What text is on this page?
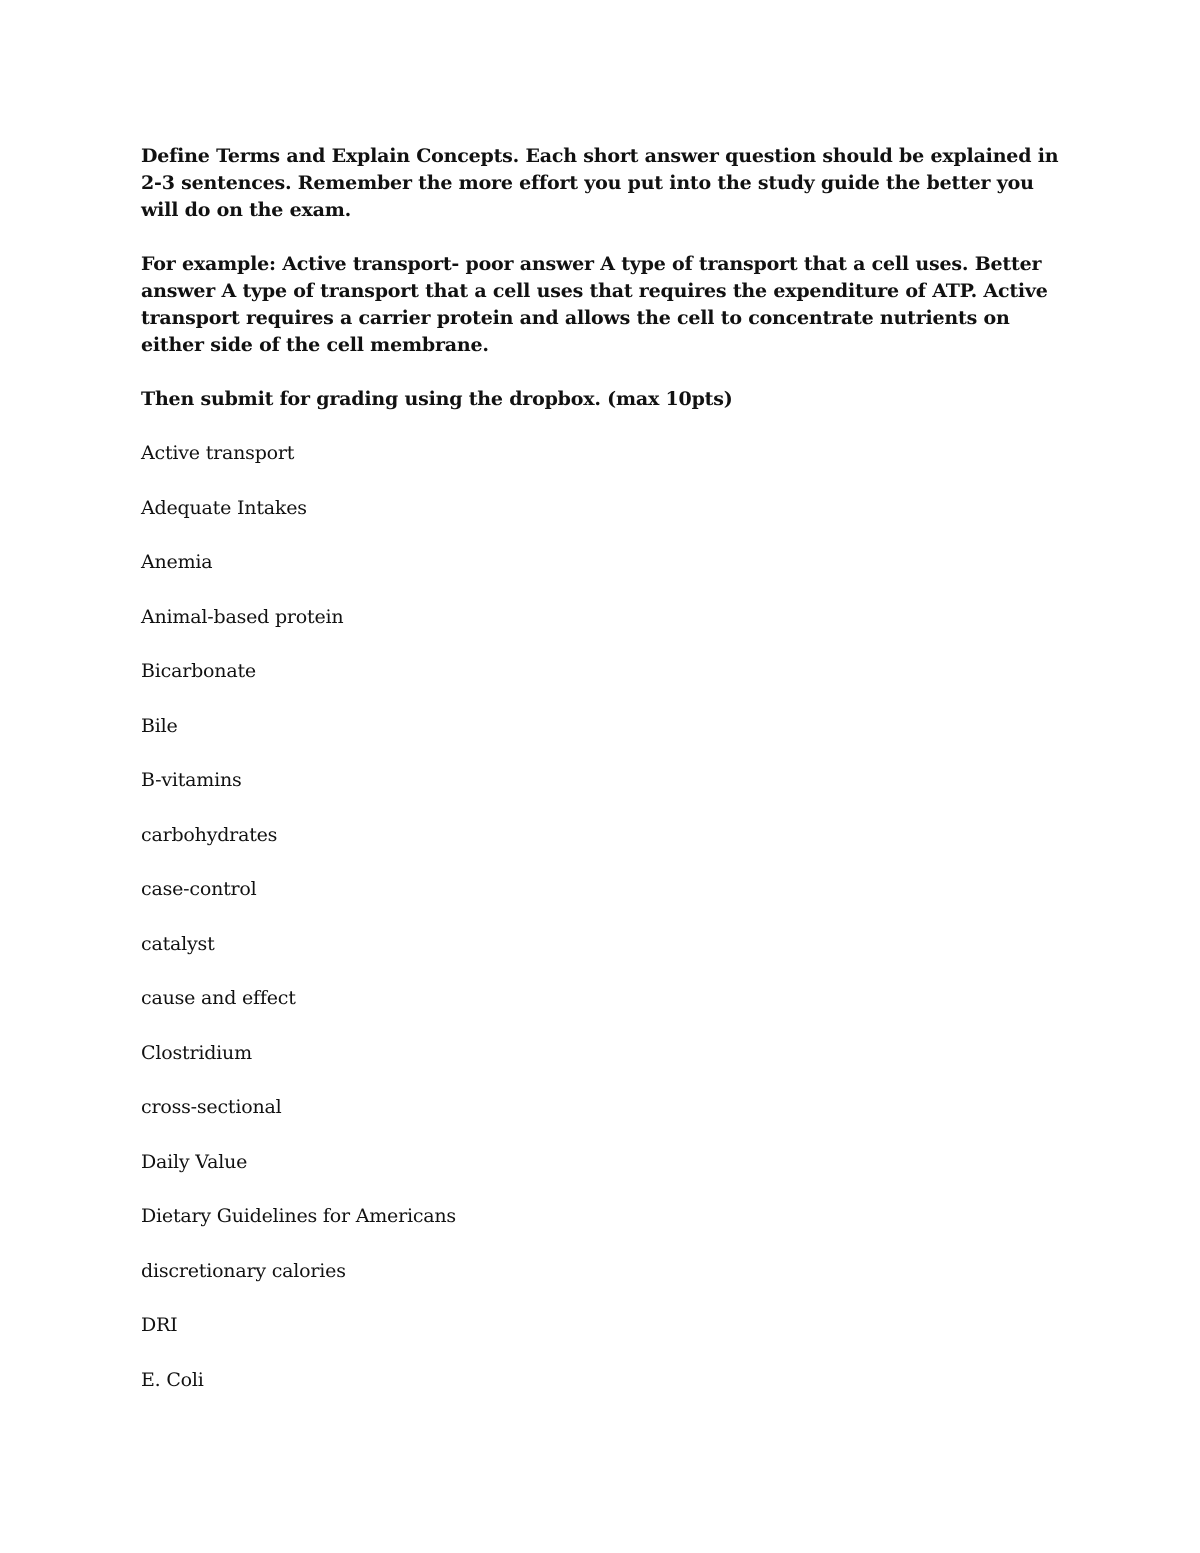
Define Terms and Explain Concepts. Each short answer question should be explained in 2-3 sentences. Remember the more effort you put into the study guide the better you will do on the exam.

For example: Active transport- poor answer A type of transport that a cell uses. Better answer A type of transport that a cell uses that requires the expenditure of ATP. Active transport requires a carrier protein and allows the cell to concentrate nutrients on either side of the cell membrane.

Then submit for grading using the dropbox. (max 10pts)

Active transport
Adequate Intakes
Anemia
Animal-based protein
Bicarbonate
Bile
B-vitamins
carbohydrates
case-control
catalyst
cause and effect
Clostridium
cross-sectional
Daily Value
Dietary Guidelines for Americans
discretionary calories
DRI
E. Coli
